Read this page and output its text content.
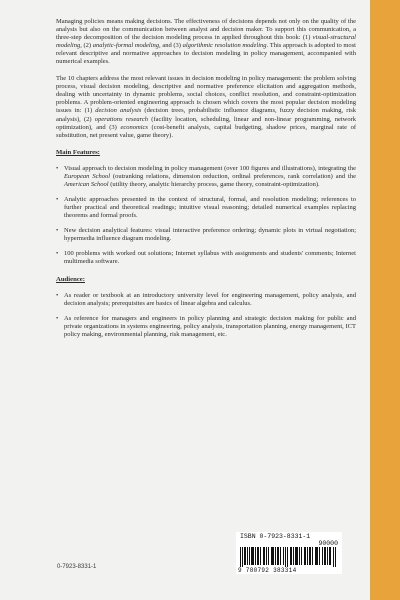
Managing policies means making decisions. The effectiveness of decisions depends not only on the quality of the analysis but also on the communication between analyst and decision maker. To support this communication, a three-step decomposition of the decision modeling process in applied throughout this book: (1) visual-structural modeling, (2) analytic-formal modeling, and (3) algorithmic resolution modeling. This approach is adopted to most relevant descriptive and normative approaches to decision modeling in policy management, accompanied with numerical examples.

The 10 chapters address the most relevant issues in decision modeling in policy management: the problem solving process, visual decision modeling, descriptive and normative preference elicitation and aggregation methods, dealing with uncertainty in dynamic problems, social choices, conflict resolution, and constraint-optimization problems. A problem-oriented engineering approach is chosen which covers the most popular decision modeling issues in: (1) decision analysis (decision trees, probabilistic influence diagrams, fuzzy decision making, risk analysis), (2) operations research (facility location, scheduling, linear and non-linear programming, network optimization), and (3) economics (cost-benefit analysis, capital budgeting, shadow prices, marginal rate of substitution, net present value, game theory).

Main Features:
• Visual approach to decision modeling in policy management (over 100 figures and illustrations), integrating the European School (outranking relations, dimension reduction, ordinal preferences, rank correlation) and the American School (utility theory, analytic hierarchy process, game theory, constraint-optimization).
• Analytic approaches presented in the context of structural, formal, and resolution modeling; references to further practical and theoretical readings; intuitive visual reasoning; detailed numerical examples replacing theorems and formal proofs.
• New decision analytical features: visual interactive preference ordering; dynamic plots in virtual negotiation; hypermedia influence diagram modeling.
• 100 problems with worked out solutions; Internet syllabus with assignments and students' comments; Internet multimedia software.
Audience:
• As reader or textbook at an introductory university level for engineering management, policy analysis, and decision analysis; prerequisites are basics of linear algebra and calculus.
• As reference for managers and engineers in policy planning and strategic decision making for public and private organizations in systems engineering, policy analysis, transportation planning, energy management, ICT policy making, environmental planning, risk management, etc.
0-7923-8331-1
ISBN 0-7923-8331-1
90000
9 780792 383314
